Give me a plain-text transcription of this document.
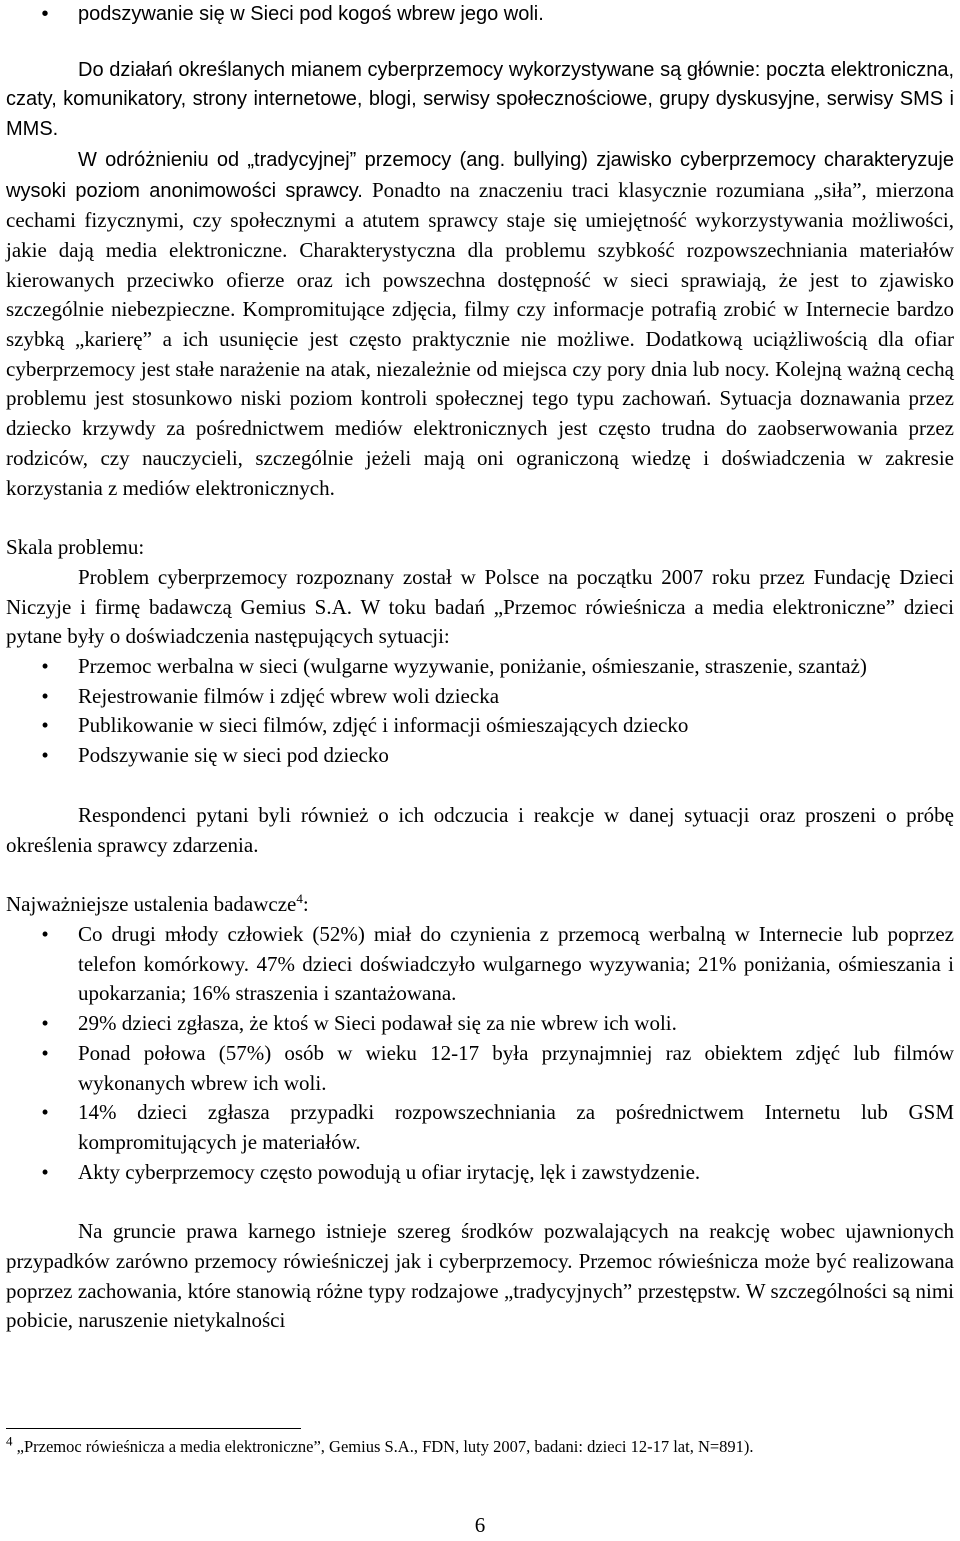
•	podszywanie się w Sieci pod kogoś wbrew jego woli.

Do działań określanych mianem cyberprzemocy wykorzystywane są głównie: poczta elektroniczna, czaty, komunikatory, strony internetowe, blogi, serwisy społecznościowe, grupy dyskusyjne, serwisy SMS i MMS.

W odróżnieniu od „tradycyjnej” przemocy (ang. bullying) zjawisko cyberprzemocy charakteryzuje wysoki poziom anonimowości sprawcy. Ponadto na znaczeniu traci klasycznie rozumiana „siła”, mierzona cechami fizycznymi, czy społecznymi a atutem sprawcy staje się umiejętność wykorzystywania możliwości, jakie dają media elektroniczne. Charakterystyczna dla problemu szybkość rozpowszechniania materiałów kierowanych przeciwko ofierze oraz ich powszechna dostępność w sieci sprawiają, że jest to zjawisko szczególnie niebezpieczne. Kompromitujące zdjęcia, filmy czy informacje potrafią zrobić w Internecie bardzo szybką „karierę” a ich usunięcie jest często praktycznie nie możliwe. Dodatkową uciążliwością dla ofiar cyberprzemocy jest stałe narażenie na atak, niezależnie od miejsca czy pory dnia lub nocy. Kolejną ważną cechą problemu jest stosunkowo niski poziom kontroli społecznej tego typu zachowań. Sytuacja doznawania przez dziecko krzywdy za pośrednictwem mediów elektronicznych jest często trudna do zaobserwowania przez rodziców, czy nauczycieli, szczególnie jeżeli mają oni ograniczoną wiedzę i doświadczenia w zakresie korzystania z mediów elektronicznych.

Skala problemu:

Problem cyberprzemocy rozpoznany został w Polsce na początku 2007 roku przez Fundację Dzieci Niczyje i firmę badawczą Gemius S.A. W toku badań „Przemoc rówieśnicza a media elektroniczne” dzieci pytane były o doświadczenia następujących sytuacji:

•	Przemoc werbalna w sieci (wulgarne wyzywanie, poniżanie, ośmieszanie, straszenie, szantaż)
•	Rejestrowanie filmów i zdjęć wbrew woli dziecka
•	Publikowanie w sieci filmów, zdjęć i informacji ośmieszających dziecko
•	Podszywanie się w sieci pod dziecko

Respondenci pytani byli również o ich odczucia i reakcje w danej sytuacji oraz proszeni o próbę określenia sprawcy zdarzenia.

Najważniejsze ustalenia badawcze$^4$:

•	Co drugi młody człowiek (52%) miał do czynienia z przemocą werbalną w Internecie lub poprzez telefon komórkowy. 47% dzieci doświadczyło wulgarnego wyzywania; 21% poniżania, ośmieszania i upokarzania; 16% straszenia i szantażowana.
•	29% dzieci zgłasza, że ktoś w Sieci podawał się za nie wbrew ich woli.
•	Ponad połowa (57%) osób w wieku 12-17 była przynajmniej raz obiektem zdjęć lub filmów wykonanych wbrew ich woli.
•	14% dzieci zgłasza przypadki rozpowszechniania za pośrednictwem Internetu lub GSM kompromitujących je materiałów.
•	Akty cyberprzemocy często powodują u ofiar irytację, lęk i zawstydzenie.

Na gruncie prawa karnego istnieje szereg środków pozwalających na reakcję wobec ujawnionych przypadków zarówno przemocy rówieśniczej jak i cyberprzemocy. Przemoc rówieśnicza może być realizowana poprzez zachowania, które stanowią różne typy rodzajowe „tradycyjnych” przestępstw. W szczególności są nimi pobicie, naruszenie nietykalności

$^4$ „Przemoc rówieśnicza a media elektroniczne”, Gemius S.A., FDN, luty 2007, badani: dzieci 12-17 lat, N=891).
6
